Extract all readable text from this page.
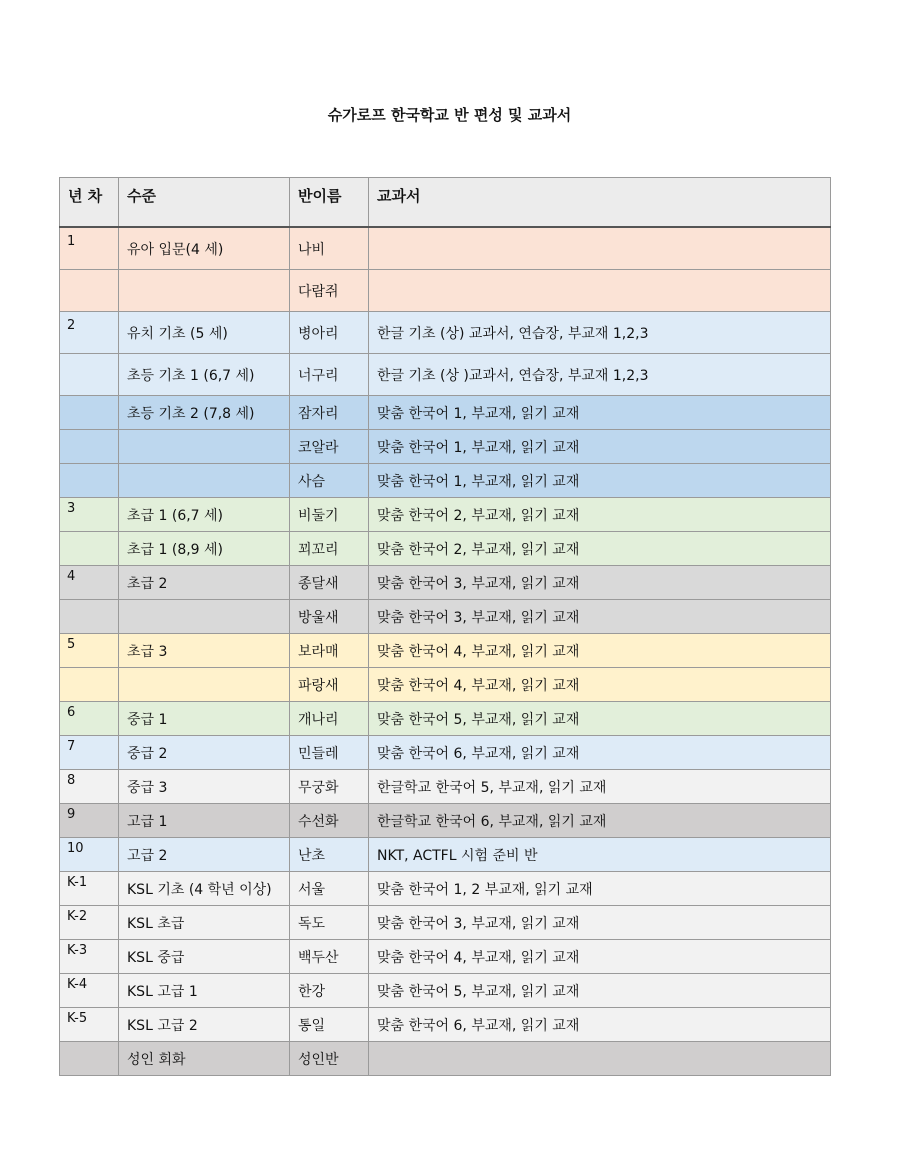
슈가로프 한국학교 반 편성 및 교과서
년 차	수준	반이름	교과서
1	유아 입문(4 세)	나비	
		다람쥐	
2	유치 기초 (5 세)	병아리	한글 기초 (상) 교과서, 연습장, 부교재 1,2,3
	초등 기초 1 (6,7 세)	너구리	한글 기초 (상 )교과서, 연습장, 부교재 1,2,3
	초등 기초 2 (7,8 세)	잠자리	맞춤 한국어 1, 부교재, 읽기 교재
		코알라	맞춤 한국어 1, 부교재, 읽기 교재
		사슴	맞춤 한국어 1, 부교재, 읽기 교재
3	초급 1 (6,7 세)	비둘기	맞춤 한국어 2, 부교재, 읽기 교재
	초급 1 (8,9 세)	꾀꼬리	맞춤 한국어 2, 부교재, 읽기 교재
4	초급 2	종달새	맞춤 한국어 3, 부교재, 읽기 교재
		방울새	맞춤 한국어 3, 부교재, 읽기 교재
5	초급 3	보라매	맞춤 한국어 4, 부교재, 읽기 교재
		파랑새	맞춤 한국어 4, 부교재, 읽기 교재
6	중급 1	개나리	맞춤 한국어 5, 부교재, 읽기 교재
7	중급 2	민들레	맞춤 한국어 6, 부교재, 읽기 교재
8	중급 3	무궁화	한글학교 한국어 5, 부교재, 읽기 교재
9	고급 1	수선화	한글학교 한국어 6, 부교재, 읽기 교재
10	고급 2	난초	NKT, ACTFL 시험 준비 반
K-1	KSL 기초 (4 학년 이상)	서울	맞춤 한국어 1, 2 부교재, 읽기 교재
K-2	KSL 초급	독도	맞춤 한국어 3, 부교재, 읽기 교재
K-3	KSL 중급	백두산	맞춤 한국어 4, 부교재, 읽기 교재
K-4	KSL 고급 1	한강	맞춤 한국어 5, 부교재, 읽기 교재
K-5	KSL 고급 2	통일	맞춤 한국어 6, 부교재, 읽기 교재
	성인 회화	성인반	
